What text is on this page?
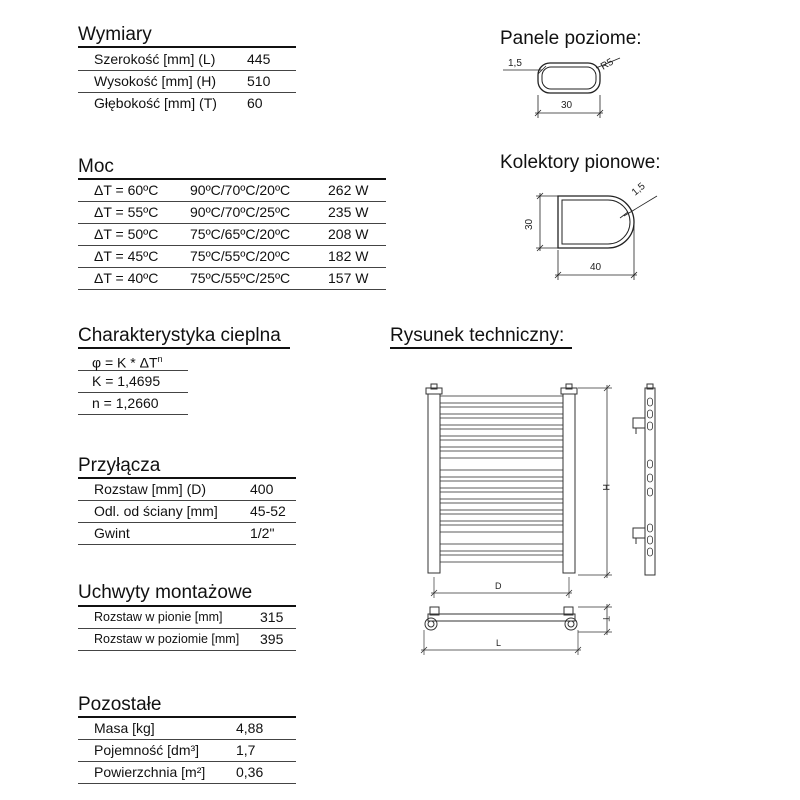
Wymiary
Szerokość [mm] (L) 445
Wysokość [mm] (H) 510
Głębokość [mm] (T) 60
Moc
ΔT = 60ºC 90ºC/70ºC/20ºC	262 W
ΔT = 55ºC 90ºC/70ºC/25ºC	235 W
ΔT = 50ºC 75ºC/65ºC/20ºC	208 W
ΔT = 45ºC 75ºC/55ºC/20ºC	182 W
ΔT = 40ºC 75ºC/55ºC/25ºC	157 W
Charakterystyka cieplna
$\varphi = K * \Delta T^n$
K = 1,4695
n = 1,2660
Przyłącza
Rozstaw [mm] (D)	400
Odl. od ściany [mm] 45-52
Gwint	1/2"
Uchwyty montażowe
Rozstaw w pionie [mm]	315
Rozstaw w poziomie [mm] 395
Pozostałe
Masa [kg]	4,88
Pojemność [dm³]	1,7
Powierzchnia [m²] 0,36
Panele poziome:
1,5	R5
30
Kolektory pionowe:
30
1,5
40
Rysunek techniczny:
H
D
T
L
